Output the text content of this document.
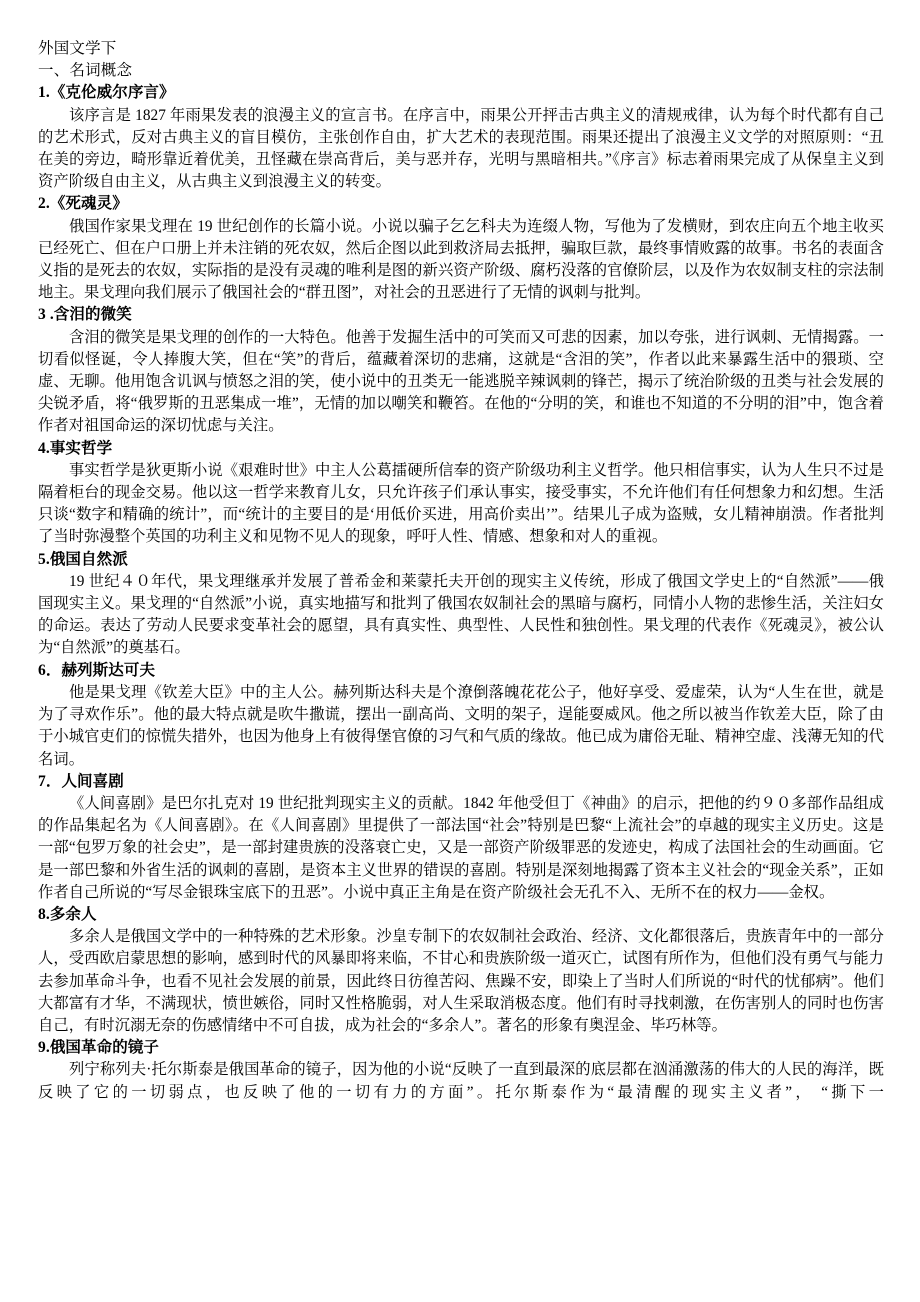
外国文学下
一、名词概念
1.《克伦威尔序言》

该序言是 1827 年雨果发表的浪漫主义的宣言书。在序言中，雨果公开抨击古典主义的清规戒律，认为每个时代都有自己的艺术形式，反对古典主义的盲目模仿，主张创作自由，扩大艺术的表现范围。雨果还提出了浪漫主义文学的对照原则：“丑在美的旁边，畸形靠近着优美，丑怪藏在崇高背后，美与恶并存，光明与黑暗相共。”《序言》标志着雨果完成了从保皇主义到资产阶级自由主义，从古典主义到浪漫主义的转变。

2.《死魂灵》

俄国作家果戈理在 19 世纪创作的长篇小说。小说以骗子乞乞科夫为连缀人物，写他为了发横财，到农庄向五个地主收买已经死亡、但在户口册上并未注销的死农奴，然后企图以此到救济局去抵押，骗取巨款，最终事情败露的故事。书名的表面含义指的是死去的农奴，实际指的是没有灵魂的唯利是图的新兴资产阶级、腐朽没落的官僚阶层，以及作为农奴制支柱的宗法制地主。果戈理向我们展示了俄国社会的“群丑图”，对社会的丑恶进行了无情的讽刺与批判。

3 .含泪的微笑

含泪的微笑是果戈理的创作的一大特色。他善于发掘生活中的可笑而又可悲的因素，加以夸张，进行讽刺、无情揭露。一切看似怪诞，令人捧腹大笑，但在“笑”的背后，蕴藏着深切的悲痛，这就是“含泪的笑”，作者以此来暴露生活中的猥琐、空虚、无聊。他用饱含讥讽与愤怒之泪的笑，使小说中的丑类无一能逃脱辛辣讽刺的锋芒，揭示了统治阶级的丑类与社会发展的尖锐矛盾，将“俄罗斯的丑恶集成一堆”，无情的加以嘲笑和鞭笞。在他的“分明的笑，和谁也不知道的不分明的泪”中，饱含着作者对祖国命运的深切忧虑与关注。

4.事实哲学

事实哲学是狄更斯小说《艰难时世》中主人公葛擂硬所信奉的资产阶级功利主义哲学。他只相信事实，认为人生只不过是隔着柜台的现金交易。他以这一哲学来教育儿女，只允许孩子们承认事实，接受事实，不允许他们有任何想象力和幻想。生活只谈“数字和精确的统计”，而“统计的主要目的是‘用低价买进，用高价卖出’”。结果儿子成为盗贼，女儿精神崩溃。作者批判了当时弥漫整个英国的功利主义和见物不见人的现象，呼吁人性、情感、想象和对人的重视。

5.俄国自然派

19 世纪４０年代，果戈理继承并发展了普希金和莱蒙托夫开创的现实主义传统，形成了俄国文学史上的“自然派”——俄国现实主义。果戈理的“自然派”小说，真实地描写和批判了俄国农奴制社会的黑暗与腐朽，同情小人物的悲惨生活，关注妇女的命运。表达了劳动人民要求变革社会的愿望，具有真实性、典型性、人民性和独创性。果戈理的代表作《死魂灵》，被公认为“自然派”的奠基石。

6．赫列斯达可夫

他是果戈理《钦差大臣》中的主人公。赫列斯达科夫是个潦倒落魄花花公子，他好享受、爱虚荣，认为“人生在世，就是为了寻欢作乐”。他的最大特点就是吹牛撒谎，摆出一副高尚、文明的架子，逞能耍威风。他之所以被当作钦差大臣，除了由于小城官吏们的惊慌失措外，也因为他身上有彼得堡官僚的习气和气质的缘故。他已成为庸俗无耻、精神空虚、浅薄无知的代名词。

7．人间喜剧

《人间喜剧》是巴尔扎克对 19 世纪批判现实主义的贡献。1842 年他受但丁《神曲》的启示，把他的约９０多部作品组成的作品集起名为《人间喜剧》。在《人间喜剧》里提供了一部法国“社会”特别是巴黎“上流社会”的卓越的现实主义历史。这是一部“包罗万象的社会史”，是一部封建贵族的没落衰亡史，又是一部资产阶级罪恶的发迹史，构成了法国社会的生动画面。它是一部巴黎和外省生活的讽刺的喜剧，是资本主义世界的错误的喜剧。特别是深刻地揭露了资本主义社会的“现金关系”，正如作者自己所说的“写尽金银珠宝底下的丑恶”。小说中真正主角是在资产阶级社会无孔不入、无所不在的权力——金权。

8.多余人

多余人是俄国文学中的一种特殊的艺术形象。沙皇专制下的农奴制社会政治、经济、文化都很落后，贵族青年中的一部分人，受西欧启蒙思想的影响，感到时代的风暴即将来临，不甘心和贵族阶级一道灭亡，试图有所作为，但他们没有勇气与能力去参加革命斗争，也看不见社会发展的前景，因此终日彷徨苦闷、焦躁不安，即染上了当时人们所说的“时代的忧郁病”。他们大都富有才华，不满现状，愤世嫉俗，同时又性格脆弱，对人生采取消极态度。他们有时寻找刺激，在伤害别人的同时也伤害自己，有时沉溺无奈的伤感情绪中不可自拔，成为社会的“多余人”。著名的形象有奥涅金、毕巧林等。

9.俄国革命的镜子

列宁称列夫·托尔斯泰是俄国革命的镜子，因为他的小说“反映了一直到最深的底层都在汹涌激荡的伟大的人民的海洋，既反映了它的一切弱点，也反映了他的一切有力的方面”。托尔斯泰作为“最清醒的现实主义者”， “撕下一
